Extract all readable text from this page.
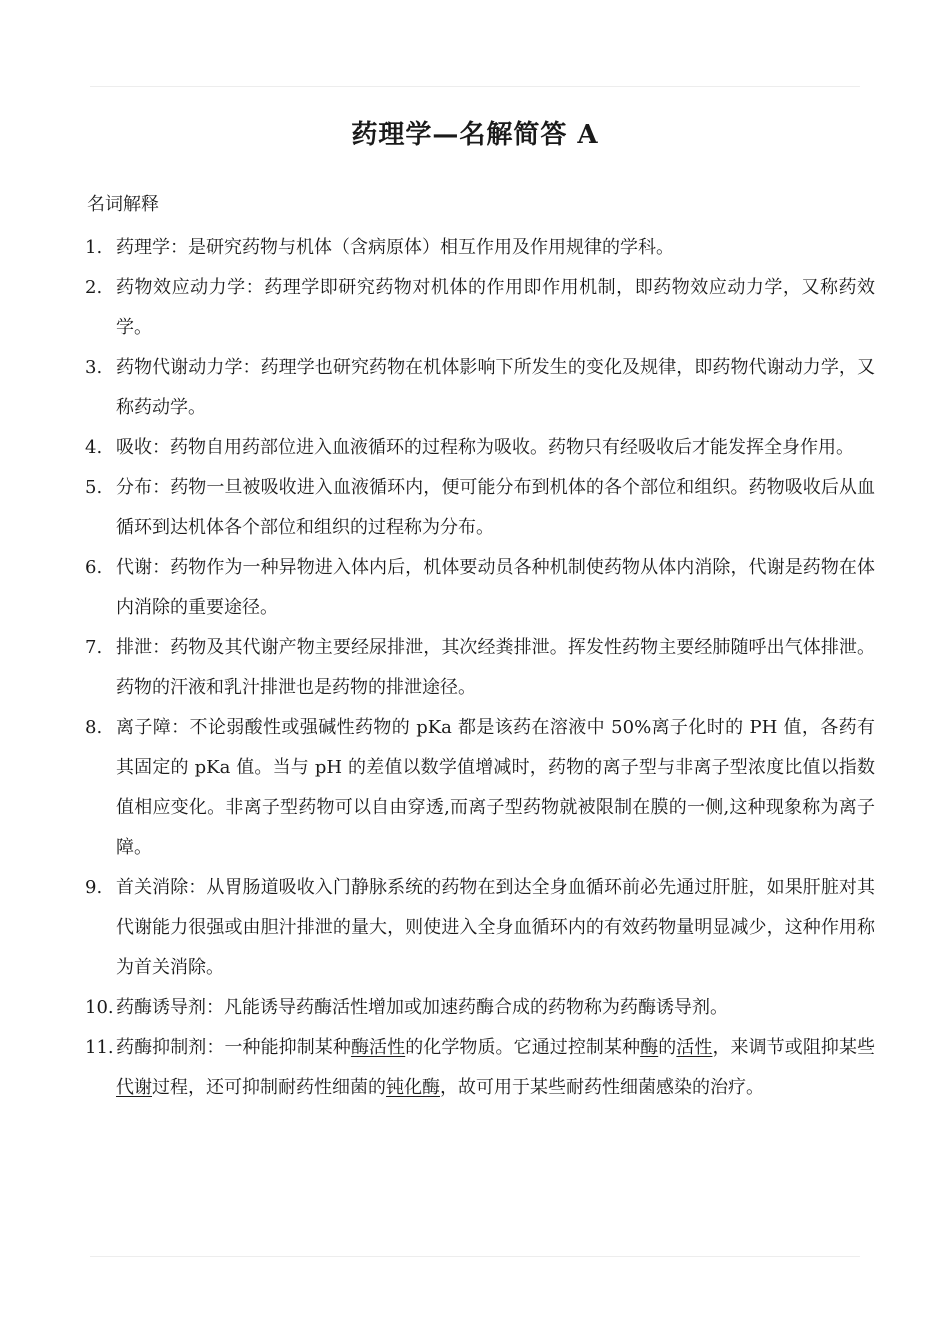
药理学—名解简答 A
名词解释
1. 药理学：是研究药物与机体（含病原体）相互作用及作用规律的学科。
2. 药物效应动力学：药理学即研究药物对机体的作用即作用机制，即药物效应动力学，又称药效学。
3. 药物代谢动力学：药理学也研究药物在机体影响下所发生的变化及规律，即药物代谢动力学，又称药动学。
4. 吸收：药物自用药部位进入血液循环的过程称为吸收。药物只有经吸收后才能发挥全身作用。
5. 分布：药物一旦被吸收进入血液循环内，便可能分布到机体的各个部位和组织。药物吸收后从血循环到达机体各个部位和组织的过程称为分布。
6. 代谢：药物作为一种异物进入体内后，机体要动员各种机制使药物从体内消除，代谢是药物在体内消除的重要途径。
7. 排泄：药物及其代谢产物主要经尿排泄，其次经粪排泄。挥发性药物主要经肺随呼出气体排泄。药物的汗液和乳汁排泄也是药物的排泄途径。
8. 离子障：不论弱酸性或强碱性药物的 pKa 都是该药在溶液中 50%离子化时的 PH 值，各药有其固定的 pKa 值。当与 pH 的差值以数学值增减时，药物的离子型与非离子型浓度比值以指数值相应变化。非离子型药物可以自由穿透,而离子型药物就被限制在膜的一侧,这种现象称为离子障。
9. 首关消除：从胃肠道吸收入门静脉系统的药物在到达全身血循环前必先通过肝脏，如果肝脏对其代谢能力很强或由胆汁排泄的量大，则使进入全身血循环内的有效药物量明显减少，这种作用称为首关消除。
10. 药酶诱导剂：凡能诱导药酶活性增加或加速药酶合成的药物称为药酶诱导剂。
11. 药酶抑制剂：一种能抑制某种酶活性的化学物质。它通过控制某种酶的活性，来调节或阻抑某些代谢过程，还可抑制耐药性细菌的钝化酶，故可用于某些耐药性细菌感染的治疗。
